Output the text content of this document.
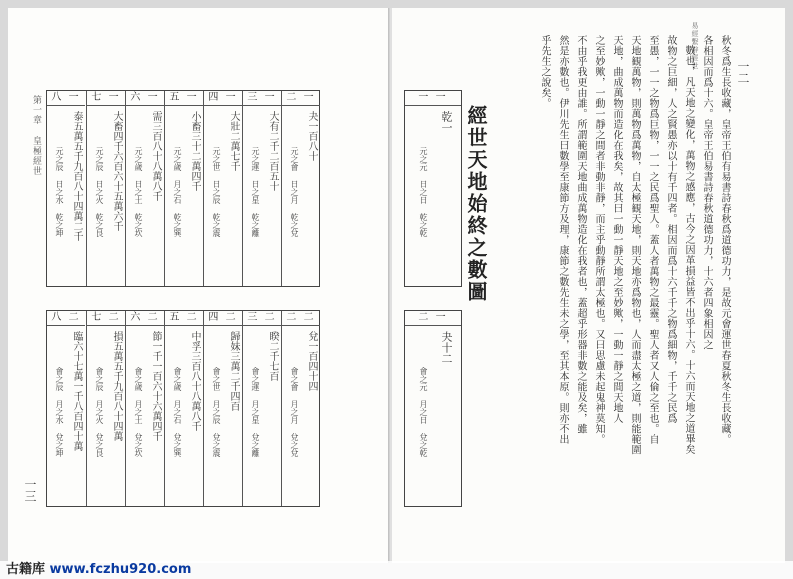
第一章 皇極經世
一三
八 一
泰五萬五千九百八十四萬二千
元之辰 日之水 乾之坤
七 一
大畜四千六百六十五萬六千
元之辰 日之火 乾之艮
六 一
需三百八十八萬八千
元之歲 日之土 乾之坎
五 一
小畜三十二萬四千
元之歲 月之石 乾之巽
四 一
大壯二萬七千
元之世 日之辰 乾之震
三 一
大有二千二百五十
元之運 日之星 乾之離
二 一
夬一百八十
元之會 日之月 乾之兌
八 二
臨六十七萬一千八百四十萬
會之辰 月之水 兌之坤
七 二
損五萬五千九百八十四萬
會之辰 月之火 兌之艮
六 二
節一千一百六十六萬四千
會之歲 月之土 兌之坎
五 二
中孚三百八十八萬八千
會之歲 月之石 兌之巽
四 二
歸妹三萬二千四百
會之世 月之辰 兌之震
三 二
睽二千七百
會之運 月之星 兌之離
二 二
兌一百四十四
會之會 月之月 兌之兌
一 一
乾一
元之元 日之日 乾之乾
二 一
夬十二
會之元 月之日 兌之乾
經世天地始終之數圖
易經繫辭經世
一二
秋冬爲生長收藏，皇帝王伯有易書詩春秋爲道德功力，是故元會運世春夏秋冬生長收藏。
各相因而爲十六。皇帝王伯易書詩春秋道德功力，十六者四象相因之
數也，凡天地之變化，萬物之感應，古今之因革損益皆不出乎十六。十六而天地之道畢矣
故物之巨細，人之賢愚亦以十有千四者。相因而爲十六千千之物爲細物，千千之民爲
至愚，一一之物爲巨物，一一之民爲聖人。蓋人者萬物之最靈。聖人者又人倫之至也。自
天地観萬物，則萬物爲萬物，自太極観天地，則天地亦爲物也，人而盡太極之道，則能範圍
天地，曲成萬物而造化在我矣，故其曰一動一靜天地之至妙歟，一動一靜之間天地人
之至妙歟，一動一靜之間者非動非靜，而主乎動靜所謂太極也。又曰思慮未起鬼神莫知。
不由乎我更由誰。所謂範圍天地曲成萬物造化在我者也，蓋超乎形器非數之能及矣，雖
然是亦數也。伊川先生曰數學至康節方及理，康節之數先生未之學，至其本原。則亦不出
乎先生之說矣。
古籍库 www.fczhu920.com
